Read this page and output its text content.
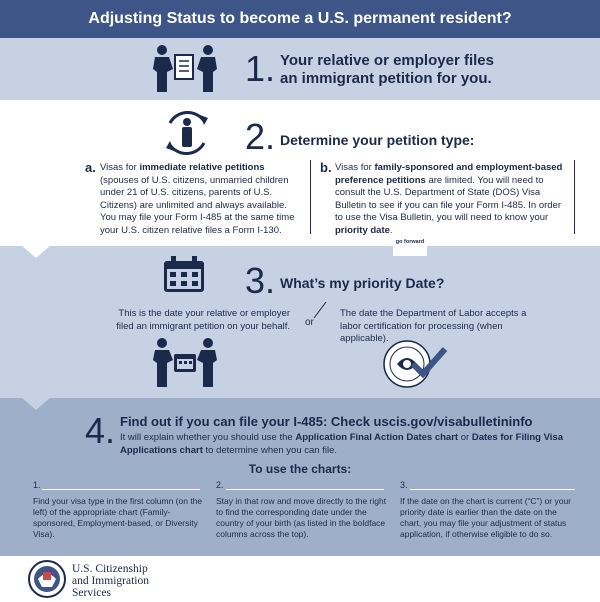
Adjusting Status to become a U.S. permanent resident?
1. Your relative or employer files
an immigrant petition for you.
2. Determine your petition type:
a. Visas for immediate relative petitions (spouses of U.S. citizens, unmarried children under 21 of U.S. citizens, parents of U.S. Citizens) are unlimited and always available. You may file your Form I-485 at the same time your U.S. citizen relative files a Form I-130.
b. Visas for family-sponsored and employment-based preference petitions are limited. You will need to consult the U.S. Department of State (DOS) Visa Bulletin to see if you can file your Form I-485. In order to use the Visa Bulletin, you will need to know your priority date.
go forward
3. What’s my priority Date?
This is the date your relative or employer filed an immigrant petition on your behalf. or
The date the Department of Labor accepts a labor certification for processing (when applicable).
4. Find out if you can file your I-485: Check uscis.gov/visabulletininfo
It will explain whether you should use the Application Final Action Dates chart or Dates for Filing Visa Applications chart to determine when you can file.
To use the charts:
1.
Find your visa type in the first column (on the left) of the appropriate chart (Family-sponsored, Employment-based, or Diversity Visa).
2.
Stay in that row and move directly to the right to find the corresponding date under the country of your birth (as listed in the boldface columns across the top).
3.
If the date on the chart is current (“C”) or your priority date is earlier than the date on the chart, you may file your adjustment of status application, if otherwise eligible to do so.
U.S. Citizenship
and Immigration
Services
